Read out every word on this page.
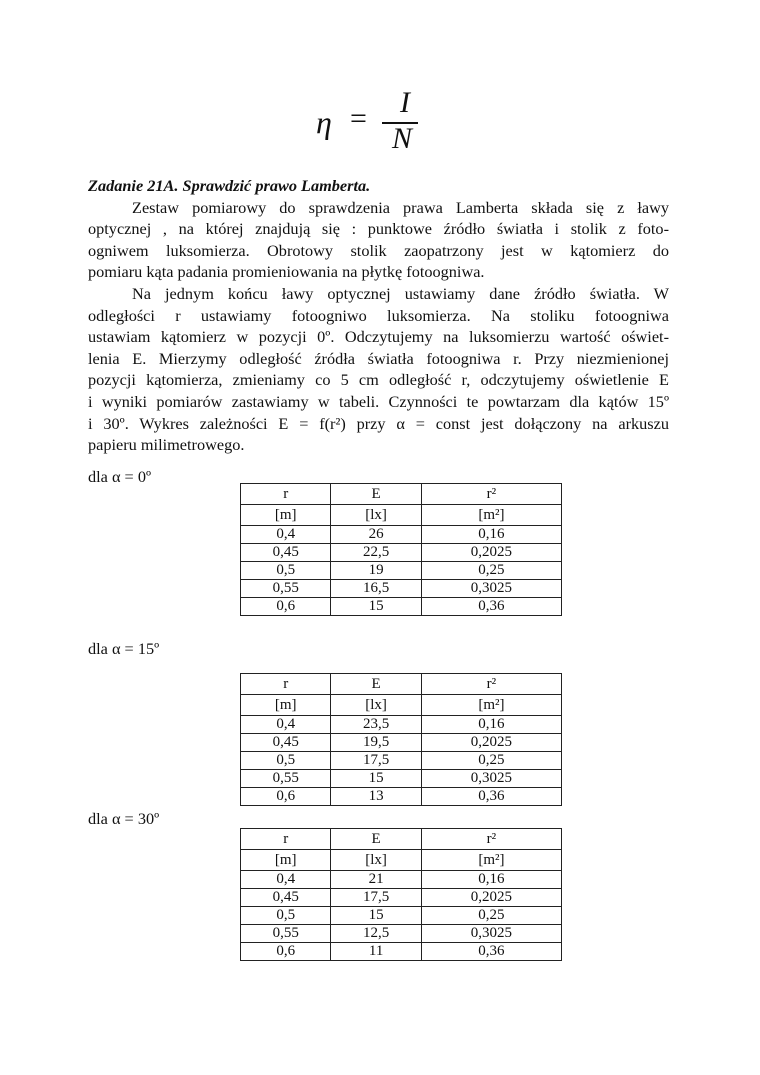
η =	I
N
Zadanie 21A. Sprawdzić prawo Lamberta.
Zestaw pomiarowy do sprawdzenia prawa Lamberta składa się z ławy
optycznej , na której znajdują się : punktowe źródło światła i stolik z foto-
ogniwem luksomierza. Obrotowy stolik zaopatrzony jest w kątomierz do
pomiaru kąta padania promieniowania na płytkę fotoogniwa.
Na jednym końcu ławy optycznej ustawiamy dane źródło światła. W
odległości r ustawiamy fotoogniwo luksomierza. Na stoliku fotoogniwa
ustawiam kątomierz w pozycji 0º. Odczytujemy na luksomierzu wartość oświet-
lenia E. Mierzymy odległość źródła światła fotoogniwa r. Przy niezmienionej
pozycji kątomierza, zmieniamy co 5 cm odległość r, odczytujemy oświetlenie E
i wyniki pomiarów zastawiamy w tabeli. Czynności te powtarzam dla kątów 15º
i 30º. Wykres zależności E = f(r²) przy α = const jest dołączony na arkuszu
papieru milimetrowego.
dla α = 0º
r	E	r²
[m]	[lx]	[m²]
0,4	26	0,16
0,45	22,5	0,2025
0,5	19	0,25
0,55	16,5	0,3025
0,6	15	0,36
dla α = 15º
r	E	r²
[m]	[lx]	[m²]
0,4	23,5	0,16
0,45	19,5	0,2025
0,5	17,5	0,25
0,55	15	0,3025
0,6	13	0,36
dla α = 30º
r	E	r²
[m]	[lx]	[m²]
0,4	21	0,16
0,45	17,5	0,2025
0,5	15	0,25
0,55	12,5	0,3025
0,6	11	0,36
